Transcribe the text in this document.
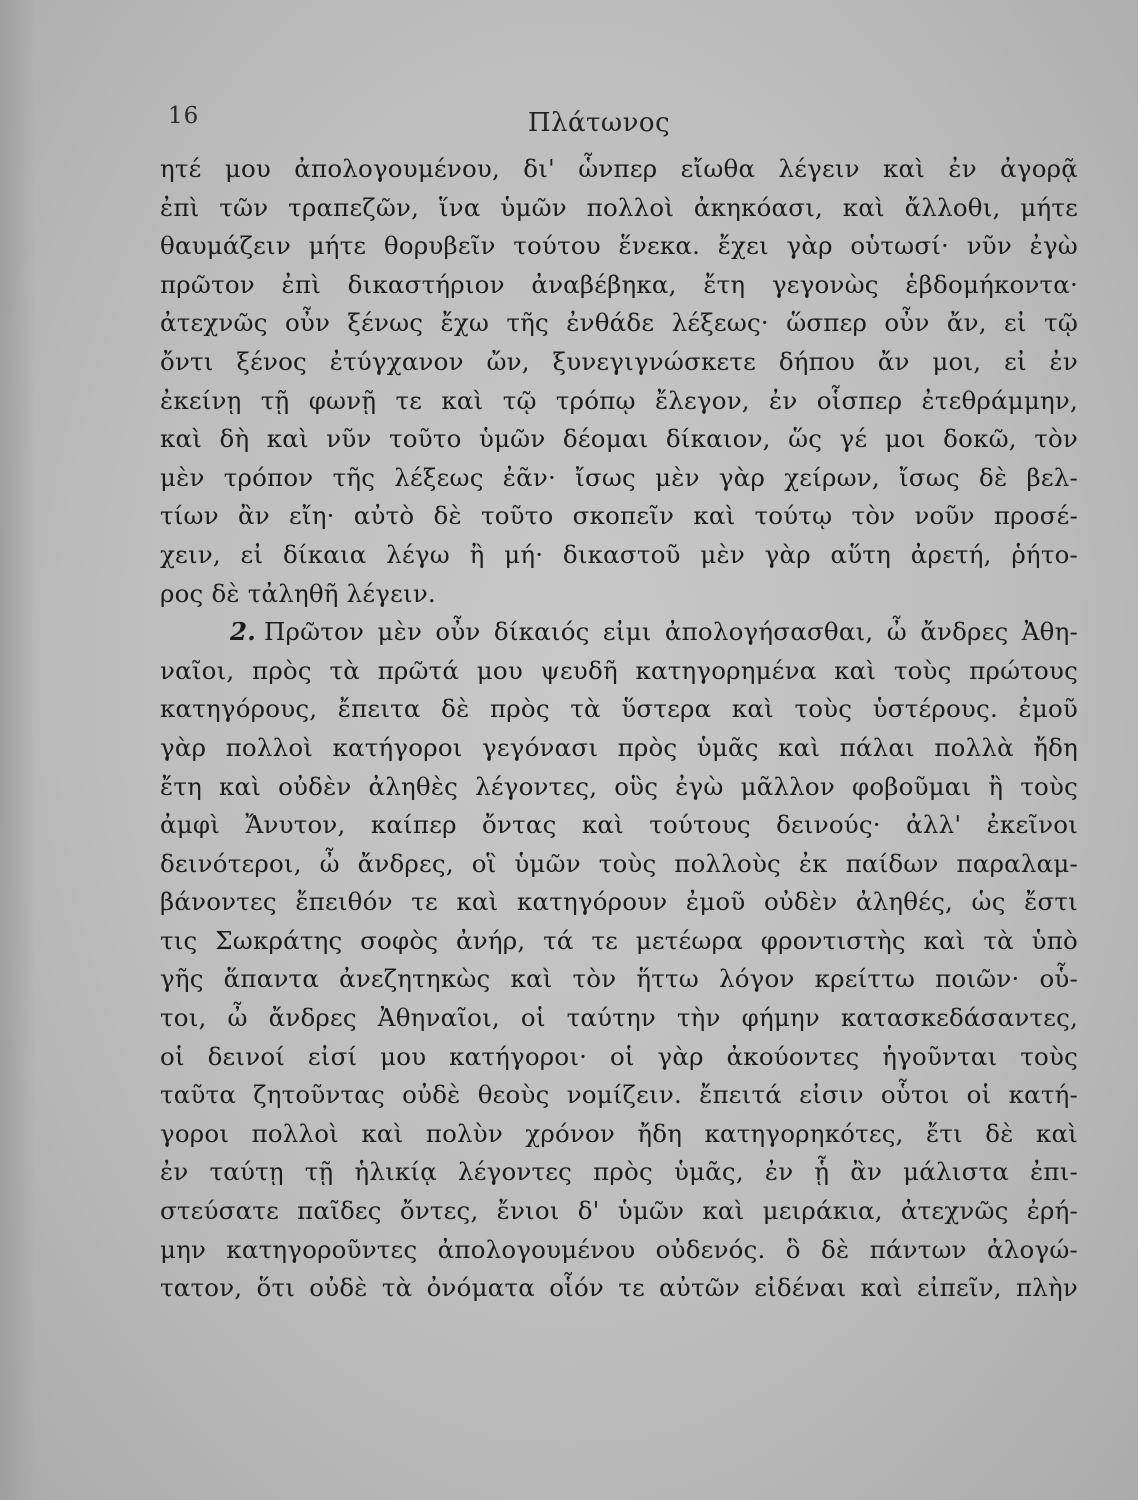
16	Πλάτωνος
ητέ μου ἀπολογουμένου, δι' ὧνπερ εἴωθα λέγειν καὶ ἐν ἀγορᾷ
ἐπὶ τῶν τραπεζῶν, ἵνα ὑμῶν πολλοὶ ἀκηκόασι, καὶ ἄλλοθι, μήτε
θαυμάζειν μήτε θορυβεῖν τούτου ἕνεκα. ἔχει γὰρ οὑτωσί· νῦν ἐγὼ
πρῶτον ἐπὶ δικαστήριον ἀναβέβηκα, ἔτη γεγονὼς ἑβδομήκοντα·
ἀτεχνῶς οὖν ξένως ἔχω τῆς ἐνθάδε λέξεως· ὥσπερ οὖν ἄν, εἰ τῷ
ὄντι ξένος ἐτύγχανον ὤν, ξυνεγιγνώσκετε δήπου ἄν μοι, εἰ ἐν
ἐκείνῃ τῇ φωνῇ τε καὶ τῷ τρόπῳ ἔλεγον, ἐν οἷσπερ ἐτεθράμμην,
καὶ δὴ καὶ νῦν τοῦτο ὑμῶν δέομαι δίκαιον, ὥς γέ μοι δοκῶ, τὸν
μὲν τρόπον τῆς λέξεως ἐᾶν· ἴσως μὲν γὰρ χείρων, ἴσως δὲ βελ-
τίων ἂν εἴη· αὐτὸ δὲ τοῦτο σκοπεῖν καὶ τούτῳ τὸν νοῦν προσέ-
χειν, εἰ δίκαια λέγω ἢ μή· δικαστοῦ μὲν γὰρ αὕτη ἀρετή, ῥήτο-
ρος δὲ τἀληθῆ λέγειν.
2. Πρῶτον μὲν οὖν δίκαιός εἰμι ἀπολογήσασθαι, ὦ ἄνδρες Ἀθη-
ναῖοι, πρὸς τὰ πρῶτά μου ψευδῆ κατηγορημένα καὶ τοὺς πρώτους
κατηγόρους, ἔπειτα δὲ πρὸς τὰ ὕστερα καὶ τοὺς ὑστέρους. ἐμοῦ
γὰρ πολλοὶ κατήγοροι γεγόνασι πρὸς ὑμᾶς καὶ πάλαι πολλὰ ἤδη
ἔτη καὶ οὐδὲν ἀληθὲς λέγοντες, οὓς ἐγὼ μᾶλλον φοβοῦμαι ἢ τοὺς
ἀμφὶ Ἄνυτον, καίπερ ὄντας καὶ τούτους δεινούς· ἀλλ' ἐκεῖνοι
δεινότεροι, ὦ ἄνδρες, οἳ ὑμῶν τοὺς πολλοὺς ἐκ παίδων παραλαμ-
βάνοντες ἔπειθόν τε καὶ κατηγόρουν ἐμοῦ οὐδὲν ἀληθές, ὡς ἔστι
τις Σωκράτης σοφὸς ἀνήρ, τά τε μετέωρα φροντιστὴς καὶ τὰ ὑπὸ
γῆς ἅπαντα ἀνεζητηκὼς καὶ τὸν ἥττω λόγον κρείττω ποιῶν· οὗ-
τοι, ὦ ἄνδρες Ἀθηναῖοι, οἱ ταύτην τὴν φήμην κατασκεδάσαντες,
οἱ δεινοί εἰσί μου κατήγοροι· οἱ γὰρ ἀκούοντες ἡγοῦνται τοὺς
ταῦτα ζητοῦντας οὐδὲ θεοὺς νομίζειν. ἔπειτά εἰσιν οὗτοι οἱ κατή-
γοροι πολλοὶ καὶ πολὺν χρόνον ἤδη κατηγορηκότες, ἔτι δὲ καὶ
ἐν ταύτῃ τῇ ἡλικίᾳ λέγοντες πρὸς ὑμᾶς, ἐν ᾗ ἂν μάλιστα ἐπι-
στεύσατε παῖδες ὄντες, ἔνιοι δ' ὑμῶν καὶ μειράκια, ἀτεχνῶς ἐρή-
μην κατηγοροῦντες ἀπολογουμένου οὐδενός. ὃ δὲ πάντων ἀλογώ-
τατον, ὅτι οὐδὲ τὰ ὀνόματα οἷόν τε αὐτῶν εἰδέναι καὶ εἰπεῖν, πλὴν
